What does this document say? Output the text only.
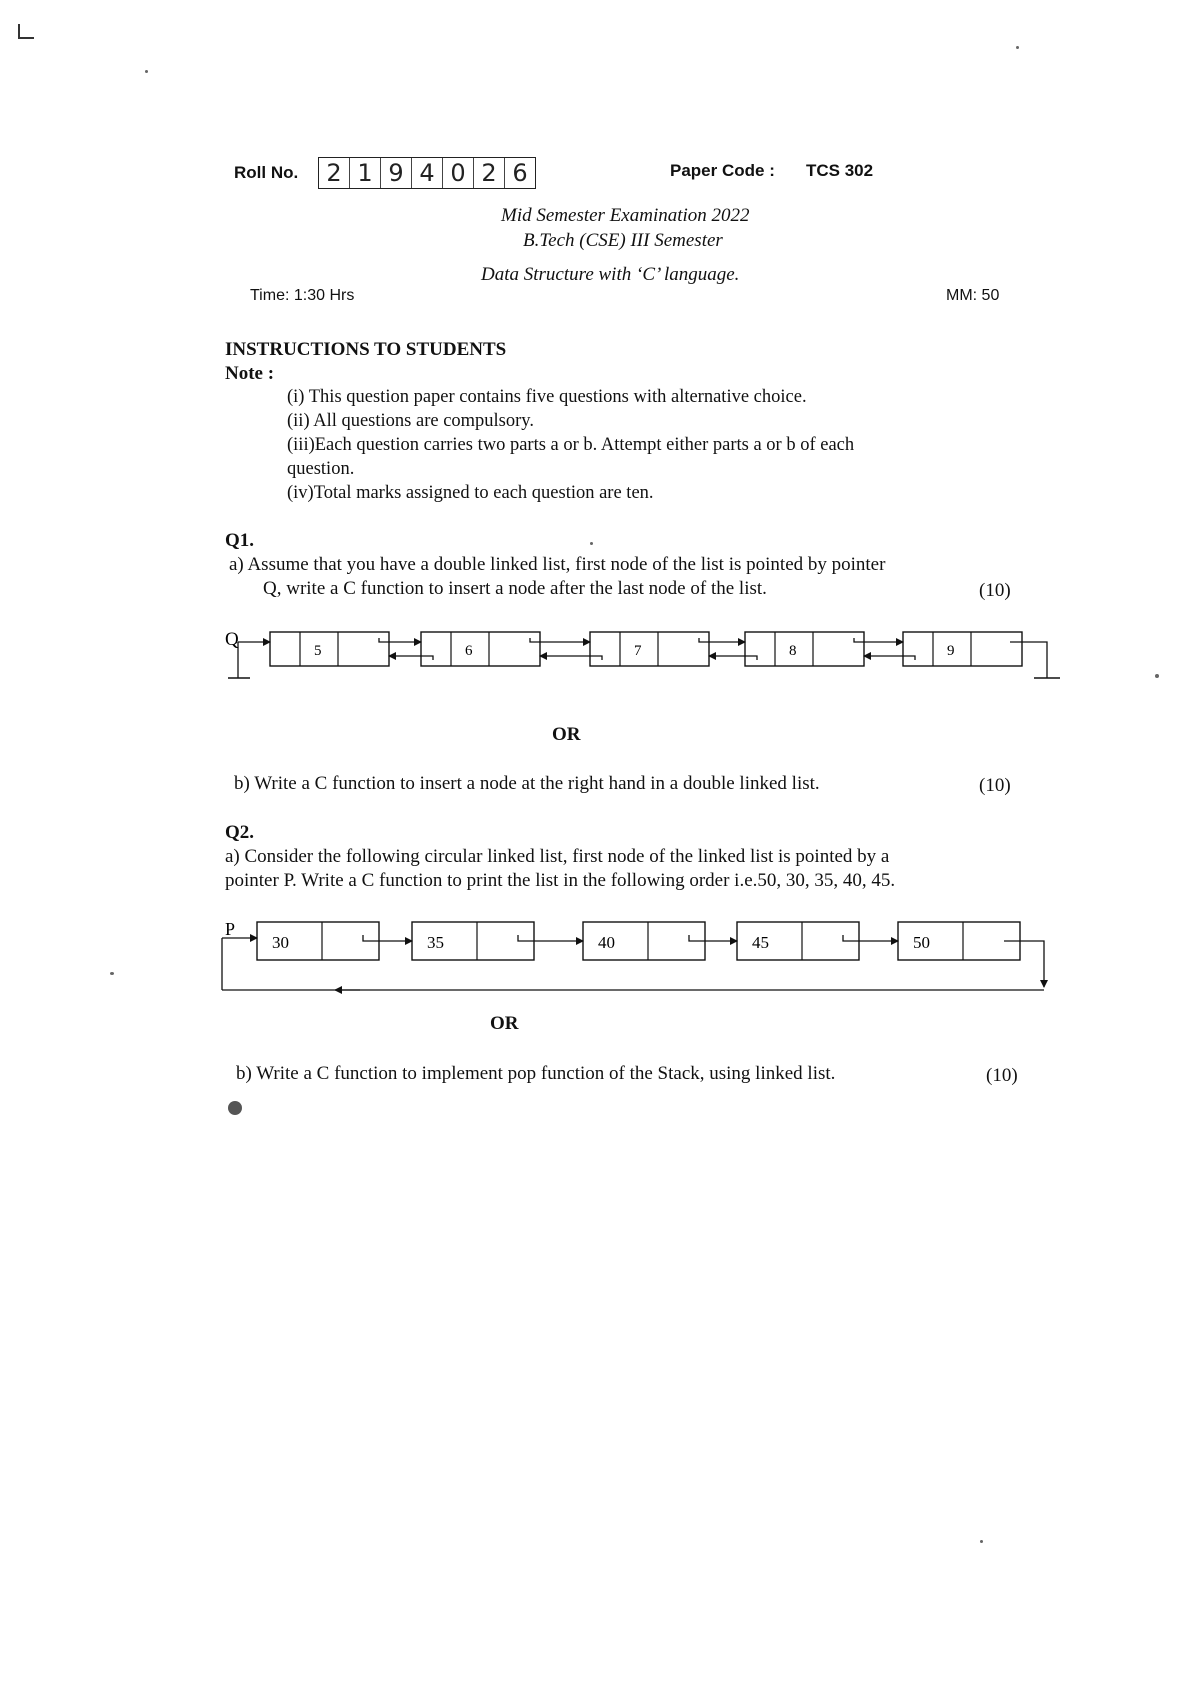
Roll No.	2 1 9 4 0 2 6	Paper Code : TCS 302
Mid Semester Examination 2022
B.Tech (CSE) III Semester
Data Structure with ‘C’ language.
Time: 1:30 Hrs	MM: 50
INSTRUCTIONS TO STUDENTS
Note :
(i) This question paper contains five questions with alternative choice.
(ii) All questions are compulsory.
(iii)Each question carries two parts a or b. Attempt either parts a or b of each
question.
(iv)Total marks assigned to each question are ten.
Q1.
a) Assume that you have a double linked list, first node of the list is pointed by pointer
Q, write a C function to insert a node after the last node of the list.	(10)
Q
5	6	7	8	9
OR
b) Write a C function to insert a node at the right hand in a double linked list.	(10)
Q2.
a) Consider the following circular linked list, first node of the linked list is pointed by a
pointer P. Write a C function to print the list in the following order i.e.50, 30, 35, 40, 45.
P
30	35	40	45	50
OR
b) Write a C function to implement pop function of the Stack, using linked list.	(10)
